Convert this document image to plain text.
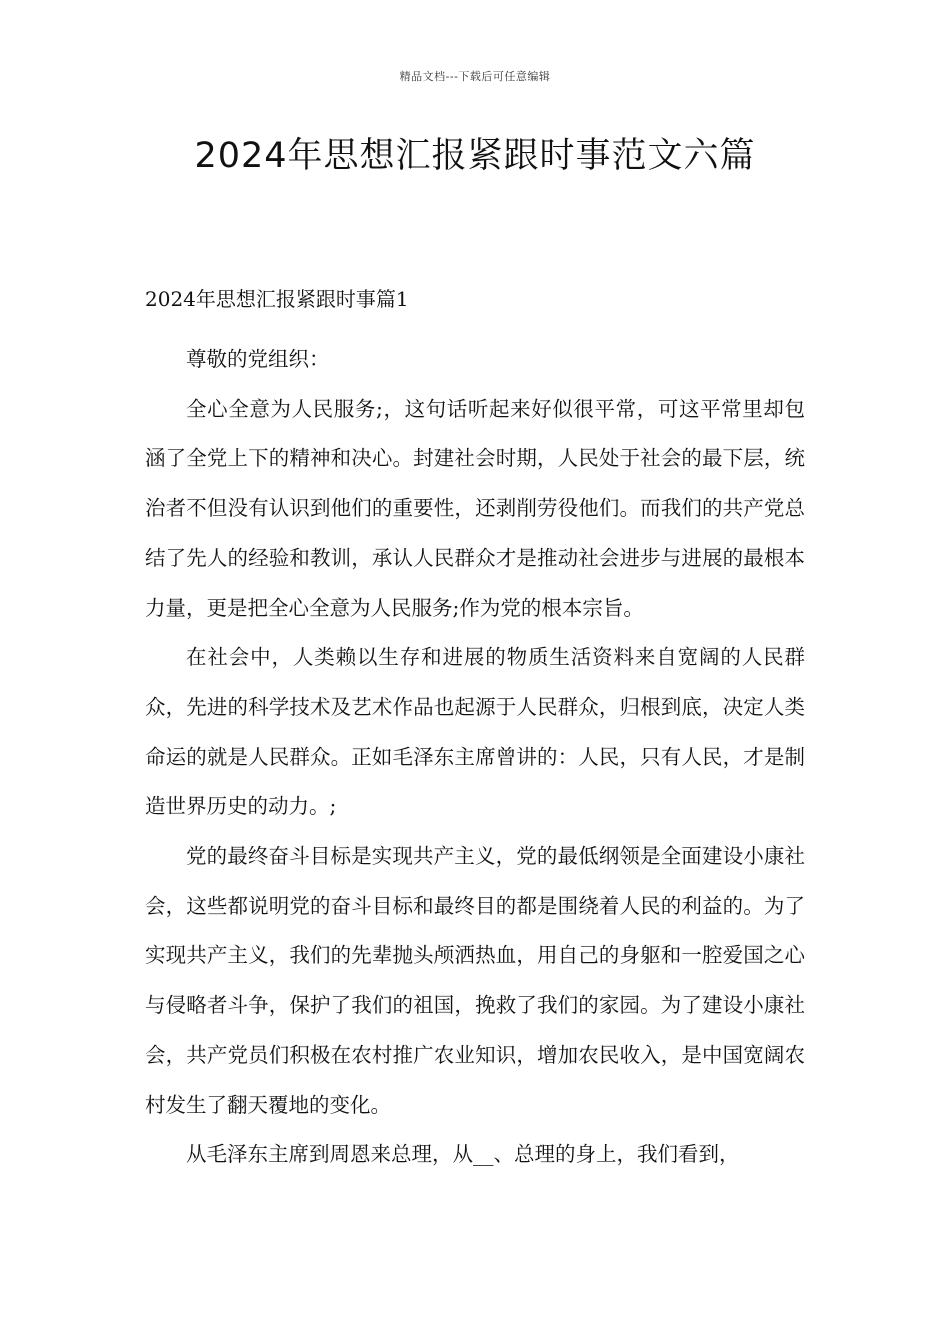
精品文档---下载后可任意编辑
2024年思想汇报紧跟时事范文六篇
2024年思想汇报紧跟时事篇1

尊敬的党组织：

全心全意为人民服务;，这句话听起来好似很平常，可这平常里却包涵了全党上下的精神和决心。封建社会时期，人民处于社会的最下层，统治者不但没有认识到他们的重要性，还剥削劳役他们。而我们的共产党总结了先人的经验和教训，承认人民群众才是推动社会进步与进展的最根本力量，更是把全心全意为人民服务;作为党的根本宗旨。

在社会中，人类赖以生存和进展的物质生活资料来自宽阔的人民群众，先进的科学技术及艺术作品也起源于人民群众，归根到底，决定人类命运的就是人民群众。正如毛泽东主席曾讲的：人民，只有人民，才是制造世界历史的动力。;

党的最终奋斗目标是实现共产主义，党的最低纲领是全面建设小康社会，这些都说明党的奋斗目标和最终目的都是围绕着人民的利益的。为了实现共产主义，我们的先辈抛头颅洒热血，用自己的身躯和一腔爱国之心与侵略者斗争，保护了我们的祖国，挽救了我们的家园。为了建设小康社会，共产党员们积极在农村推广农业知识，增加农民收入，是中国宽阔农村发生了翻天覆地的变化。

从毛泽东主席到周恩来总理，从__、总理的身上，我们看到，
